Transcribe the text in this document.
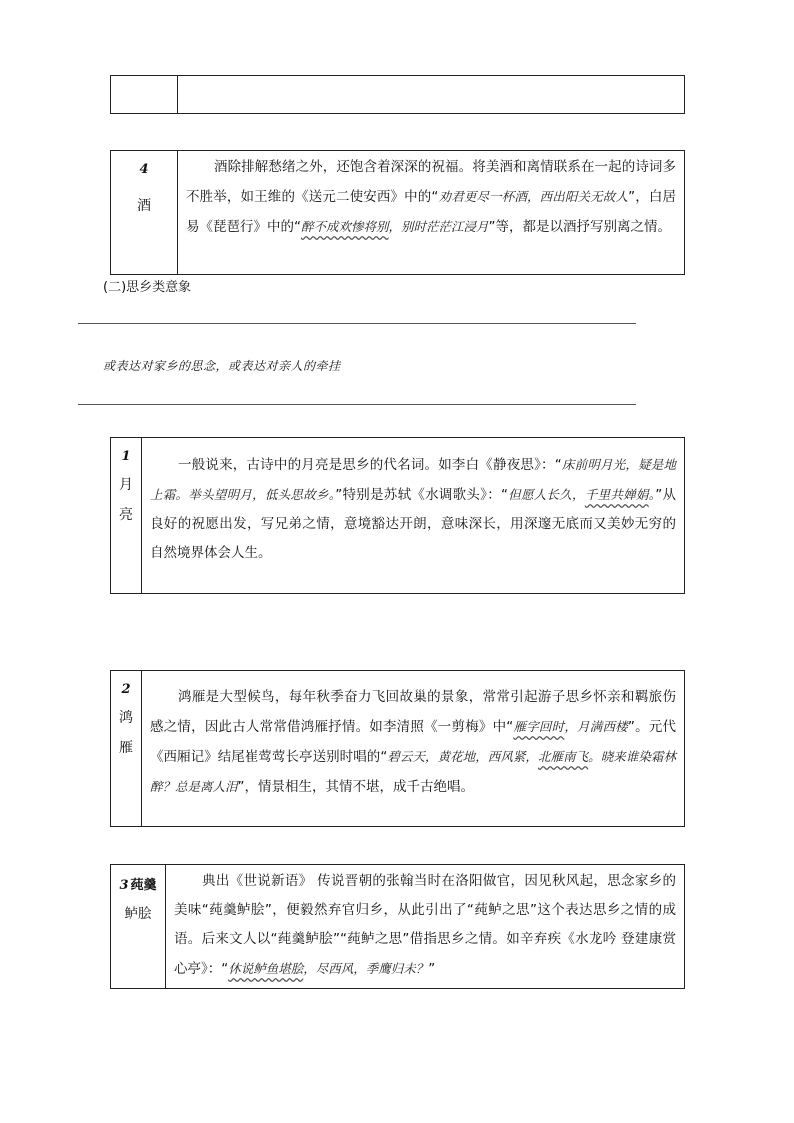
4
酒
酒除排解愁绪之外，还饱含着深深的祝福。将美酒和离情联系在一起的诗词多不胜举，如王维的《送元二使安西》中的“劝君更尽一杯酒，西出阳关无故人”，白居易《琵琶行》中的“醉不成欢惨将别，别时茫茫江浸月”等，都是以酒抒写别离之情。
(二)思乡类意象
或表达对家乡的思念，或表达对亲人的牵挂
1
月
亮
一般说来，古诗中的月亮是思乡的代名词。如李白《静夜思》：“床前明月光，疑是地上霜。举头望明月，低头思故乡。”特别是苏轼《水调歌头》：“但愿人长久，千里共婵娟。”从良好的祝愿出发，写兄弟之情，意境豁达开朗，意味深长，用深邃无底而又美妙无穷的自然境界体会人生。
2
鸿
雁
鸿雁是大型候鸟，每年秋季奋力飞回故巢的景象，常常引起游子思乡怀亲和羁旅伤感之情，因此古人常常借鸿雁抒情。如李清照《一剪梅》中“雁字回时，月满西楼”。元代《西厢记》结尾崔莺莺长亭送别时唱的“碧云天，黄花地，西风紧，北雁南飞。晓来谁染霜林醉？总是离人泪”，情景相生，其情不堪，成千古绝唱。
3 莼羹
鲈脍
典出《世说新语》 传说晋朝的张翰当时在洛阳做官，因见秋风起，思念家乡的美味“莼羹鲈脍”，便毅然弃官归乡，从此引出了“莼鲈之思”这个表达思乡之情的成语。后来文人以“莼羹鲈脍”“莼鲈之思”借指思乡之情。如辛弃疾《水龙吟 登建康赏心亭》：“休说鲈鱼堪脍，尽西风，季鹰归未？”
